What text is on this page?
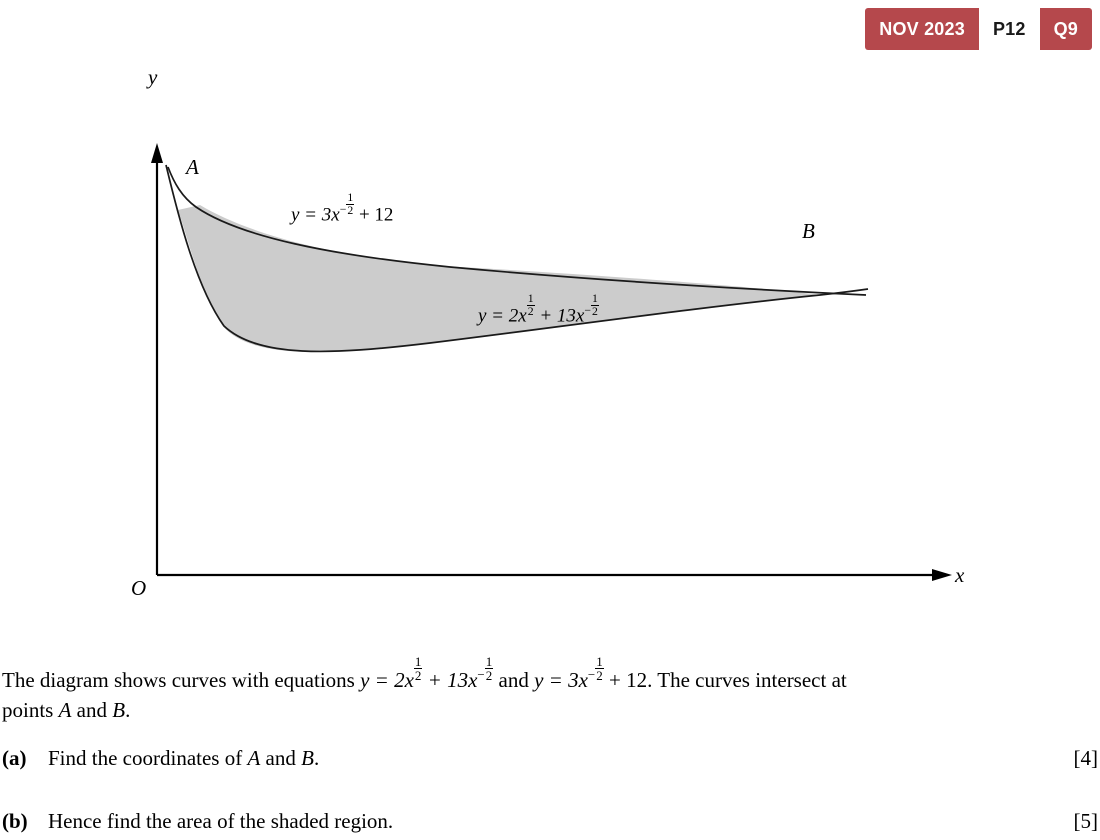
NOV 2023	P12	Q9
y
x
O
A
B
$y = 3x^- \frac{1}{2} + 12$
$y = 2x \frac{1}{2} + 13x^- \frac{1}{2}$
The diagram shows curves with equations $y = 2x \frac{1}{2} + 13x^- \frac{1}{2}$ and $y = 3x^- \frac{1}{2} + 12$. The curves intersect at
points A and B.
(a)	Find the coordinates of A and B.	[4]
(b) Hence find the area of the shaded region.	[5]
